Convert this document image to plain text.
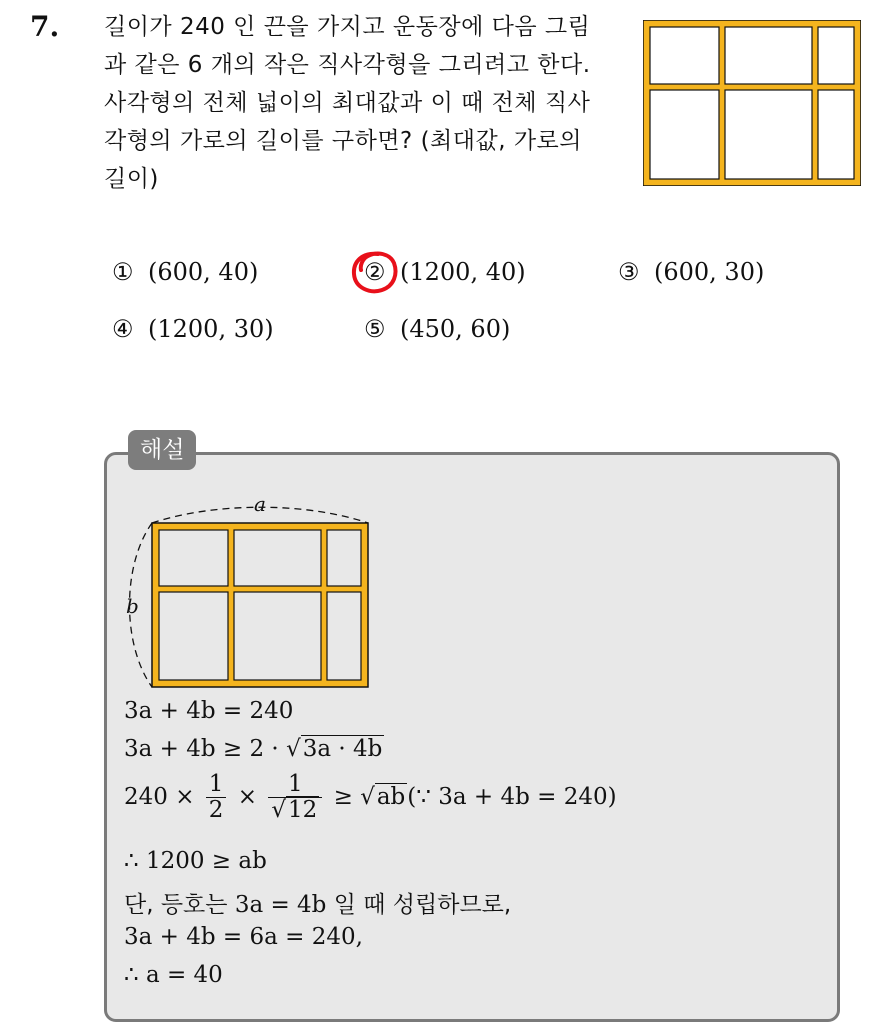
7. 길이가 240 인 끈을 가지고 운동장에 다음 그림
과 같은 6 개의 작은 직사각형을 그리려고 한다.
사각형의 전체 넓이의 최대값과 이 때 전체 직사
각형의 가로의 길이를 구하면? (최대값, 가로의
길이)
① (600, 40)	② (1200, 40)	③ (600, 30)
④ (1200, 30)	⑤ (450, 60)
해설
a
b
3a + 4b = 240
3a + 4b ≥ 2 · √3a · 4b
$240 \times \frac{1}{2} \times \frac{1}{√12}$ ≥ √ab(∵ 3a + 4b = 240)
∴ 1200 ≥ ab
단, 등호는 3a = 4b 일 때 성립하므로,
3a + 4b = 6a = 240,
∴ a = 40
